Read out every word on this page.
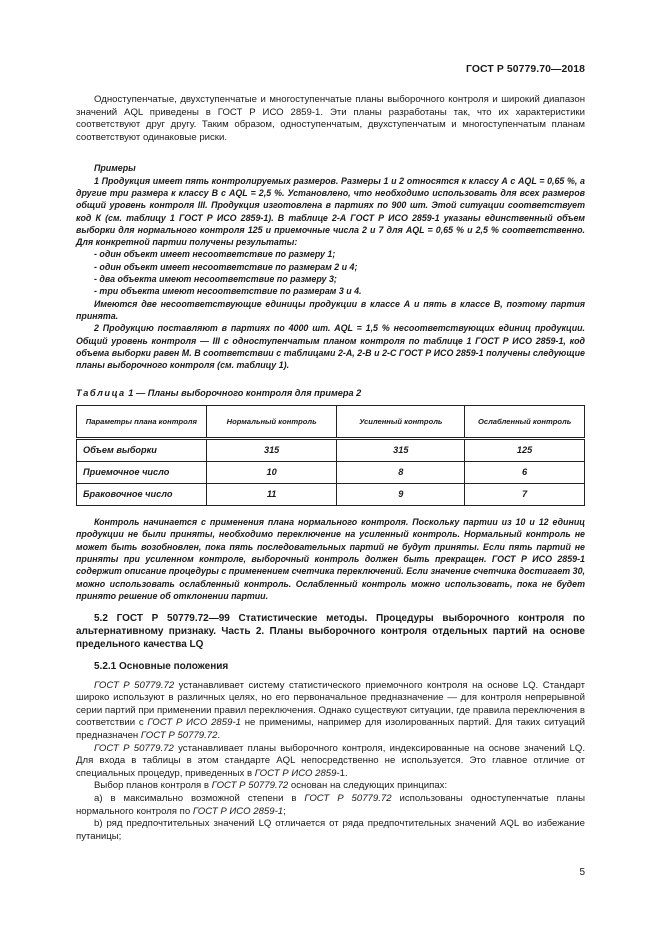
ГОСТ Р 50779.70—2018

Одноступенчатые, двухступенчатые и многоступенчатые планы выборочного контроля и широкий диапазон значений AQL приведены в ГОСТ Р ИСО 2859-1. Эти планы разработаны так, что их характеристики соответствуют друг другу. Таким образом, одноступенчатым, двухступенчатым и многоступенчатым планам соответствуют одинаковые риски.

Примеры

1 Продукция имеет пять контролируемых размеров. Размеры 1 и 2 относятся к классу А с AQL = 0,65 %, а другие три размера к классу В с AQL = 2,5 %. Установлено, что необходимо использовать для всех размеров общий уровень контроля III. Продукция изготовлена в партиях по 900 шт. Этой ситуации соответствует код К (см. таблицу 1 ГОСТ Р ИСО 2859-1). В таблице 2-А ГОСТ Р ИСО 2859-1 указаны единственный объем выборки для нормального контроля 125 и приемочные числа 2 и 7 для AQL = 0,65 % и 2,5 % соответственно. Для конкретной партии получены результаты:

- один объект имеет несоответствие по размеру 1;

- один объект имеет несоответствие по размерам 2 и 4;

- два объекта имеют несоответствие по размеру 3;

- три объекта имеют несоответствие по размерам 3 и 4.

Имеются две несоответствующие единицы продукции в классе А и пять в классе В, поэтому партия принята.

2 Продукцию поставляют в партиях по 4000 шт. AQL = 1,5 % несоответствующих единиц продукции. Общий уровень контроля — III с одноступенчатым планом контроля по таблице 1 ГОСТ Р ИСО 2859-1, код объема выборки равен М. В соответствии с таблицами 2-А, 2-В и 2-С ГОСТ Р ИСО 2859-1 получены следующие планы выборочного контроля (см. таблицу 1).

Таблица 1 — Планы выборочного контроля для примера 2
Параметры плана контроля	Нормальный контроль	Усиленный контроль	Ослабленный контроль
Объем выборки	315	315	125
Приемочное число	10	8	6
Браковочное число	11	9	7

Контроль начинается с применения плана нормального контроля. Поскольку партии из 10 и 12 единиц продукции не были приняты, необходимо переключение на усиленный контроль. Нормальный контроль не может быть возобновлен, пока пять последовательных партий не будут приняты. Если пять партий не приняты при усиленном контроле, выборочный контроль должен быть прекращен. ГОСТ Р ИСО 2859-1 содержит описание процедуры с применением счетчика переключений. Если значение счетчика достигает 30, можно использовать ослабленный контроль. Ослабленный контроль можно использовать, пока не будет принято решение об отклонении партии.

5.2 ГОСТ Р 50779.72—99 Статистические методы. Процедуры выборочного контроля по альтернативному признаку. Часть 2. Планы выборочного контроля отдельных партий на основе предельного качества LQ

5.2.1 Основные положения

ГОСТ Р 50779.72 устанавливает систему статистического приемочного контроля на основе LQ. Стандарт широко используют в различных целях, но его первоначальное предназначение — для контроля непрерывной серии партий при применении правил переключения. Однако существуют ситуации, где правила переключения в соответствии с ГОСТ Р ИСО 2859-1 не применимы, например для изолированных партий. Для таких ситуаций предназначен ГОСТ Р 50779.72.

ГОСТ Р 50779.72 устанавливает планы выборочного контроля, индексированные на основе значений LQ. Для входа в таблицы в этом стандарте AQL непосредственно не используется. Это главное отличие от специальных процедур, приведенных в ГОСТ Р ИСО 2859-1.

Выбор планов контроля в ГОСТ Р 50779.72 основан на следующих принципах:

а) в максимально возможной степени в ГОСТ Р 50779.72 использованы одноступенчатые планы нормального контроля по ГОСТ Р ИСО 2859-1;

b) ряд предпочтительных значений LQ отличается от ряда предпочтительных значений AQL во избежание путаницы;

5
